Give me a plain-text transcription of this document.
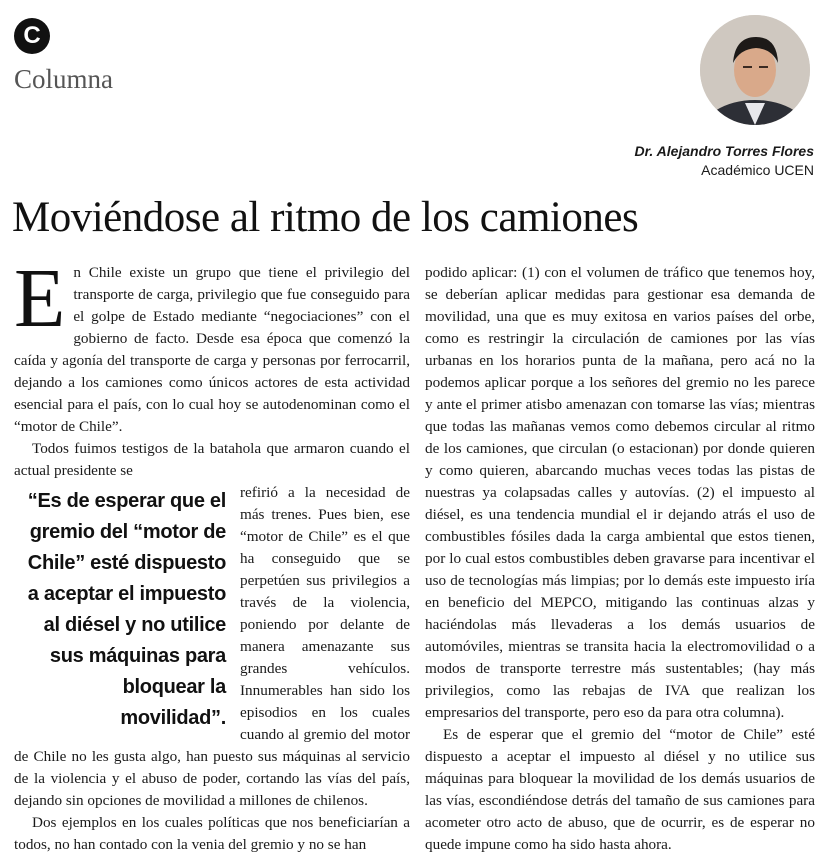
C
Columna
Dr. Alejandro Torres Flores
Académico UCEN
Moviéndose al ritmo de los camiones

E n Chile existe un grupo que tiene el privilegio del transporte de carga, privilegio que fue conseguido para el golpe de Estado mediante “negociaciones” con el gobierno de facto. Desde esa época que comenzó la caída y agonía del transporte de carga y personas por ferrocarril, dejando a los camiones como únicos actores de esta actividad esencial para el país, con lo cual hoy se autodenominan como el “motor de Chile”.

Todos fuimos testigos de la batahola que armaron cuando el actual presidente se

“Es de esperar que el gremio del “motor de Chile” esté dispuesto a aceptar el impuesto al diésel y no utilice sus máquinas para bloquear la movilidad”.

refirió a la necesidad de más trenes. Pues bien, ese “motor de Chile” es el que ha conseguido que se perpetúen sus privilegios a través de la violencia, poniendo por delante de manera amenazante sus grandes vehículos. Innumerables han sido los episodios en los cuales cuando al gremio del motor de Chile no les gusta algo, han puesto sus máquinas al servicio de la violencia y el abuso de poder, cortando las vías del país, dejando sin opciones de movilidad a millones de chilenos.

Dos ejemplos en los cuales políticas que nos beneficiarían a todos, no han contado con la venia del gremio y no se han

podido aplicar: (1) con el volumen de tráfico que tenemos hoy, se deberían aplicar medidas para gestionar esa demanda de movilidad, una que es muy exitosa en varios países del orbe, como es restringir la circulación de camiones por las vías urbanas en los horarios punta de la mañana, pero acá no la podemos aplicar porque a los señores del gremio no les parece y ante el primer atisbo amenazan con tomarse las vías; mientras que todas las mañanas vemos como debemos circular al ritmo de los camiones, que circulan (o estacionan) por donde quieren y como quieren, abarcando muchas veces todas las pistas de nuestras ya colapsadas calles y autovías. (2) el impuesto al diésel, es una tendencia mundial el ir dejando atrás el uso de combustibles fósiles dada la carga ambiental que estos tienen, por lo cual estos combustibles deben gravarse para incentivar el uso de tecnologías más limpias; por lo demás este impuesto iría en beneficio del MEPCO, mitigando las continuas alzas y haciéndolas más llevaderas a los demás usuarios de automóviles, mientras se transita hacia la electromovilidad o a modos de transporte terrestre más sustentables; (hay más privilegios, como las rebajas de IVA que realizan los empresarios del transporte, pero eso da para otra columna).

Es de esperar que el gremio del “motor de Chile” esté dispuesto a aceptar el impuesto al diésel y no utilice sus máquinas para bloquear la movilidad de los demás usuarios de las vías, escondiéndose detrás del tamaño de sus camiones para acometer otro acto de abuso, que de ocurrir, es de esperar no quede impune como ha sido hasta ahora.
